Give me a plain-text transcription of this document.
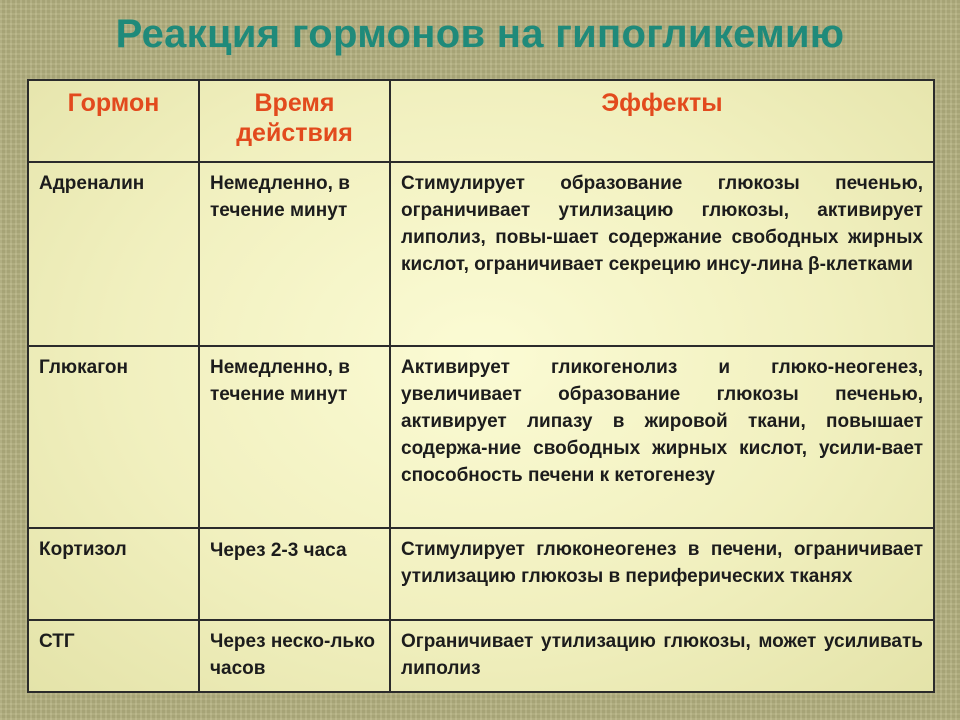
Реакция гормонов на гипогликемию
Гормон	Время действия	Эффекты

Адреналин	Немедленно, в течение минут	Стимулирует образование глюкозы печенью, ограничивает утилизацию глюкозы, активирует липолиз, повы-шает содержание свободных жирных кислот, ограничивает секрецию инсу-лина β-клетками

Глюкагон	Немедленно, в течение минут	Активирует гликогенолиз и глюко-неогенез, увеличивает образование глюкозы печенью, активирует липазу в жировой ткани, повышает содержа-ние свободных жирных кислот, усили-вает способность печени к кетогенезу

Кортизол	Через 2-3 часа	Стимулирует глюконеогенез в печени, ограничивает утилизацию глюкозы в периферических тканях

СТГ	Через неско-лько часов	Ограничивает утилизацию глюкозы, может усиливать липолиз
